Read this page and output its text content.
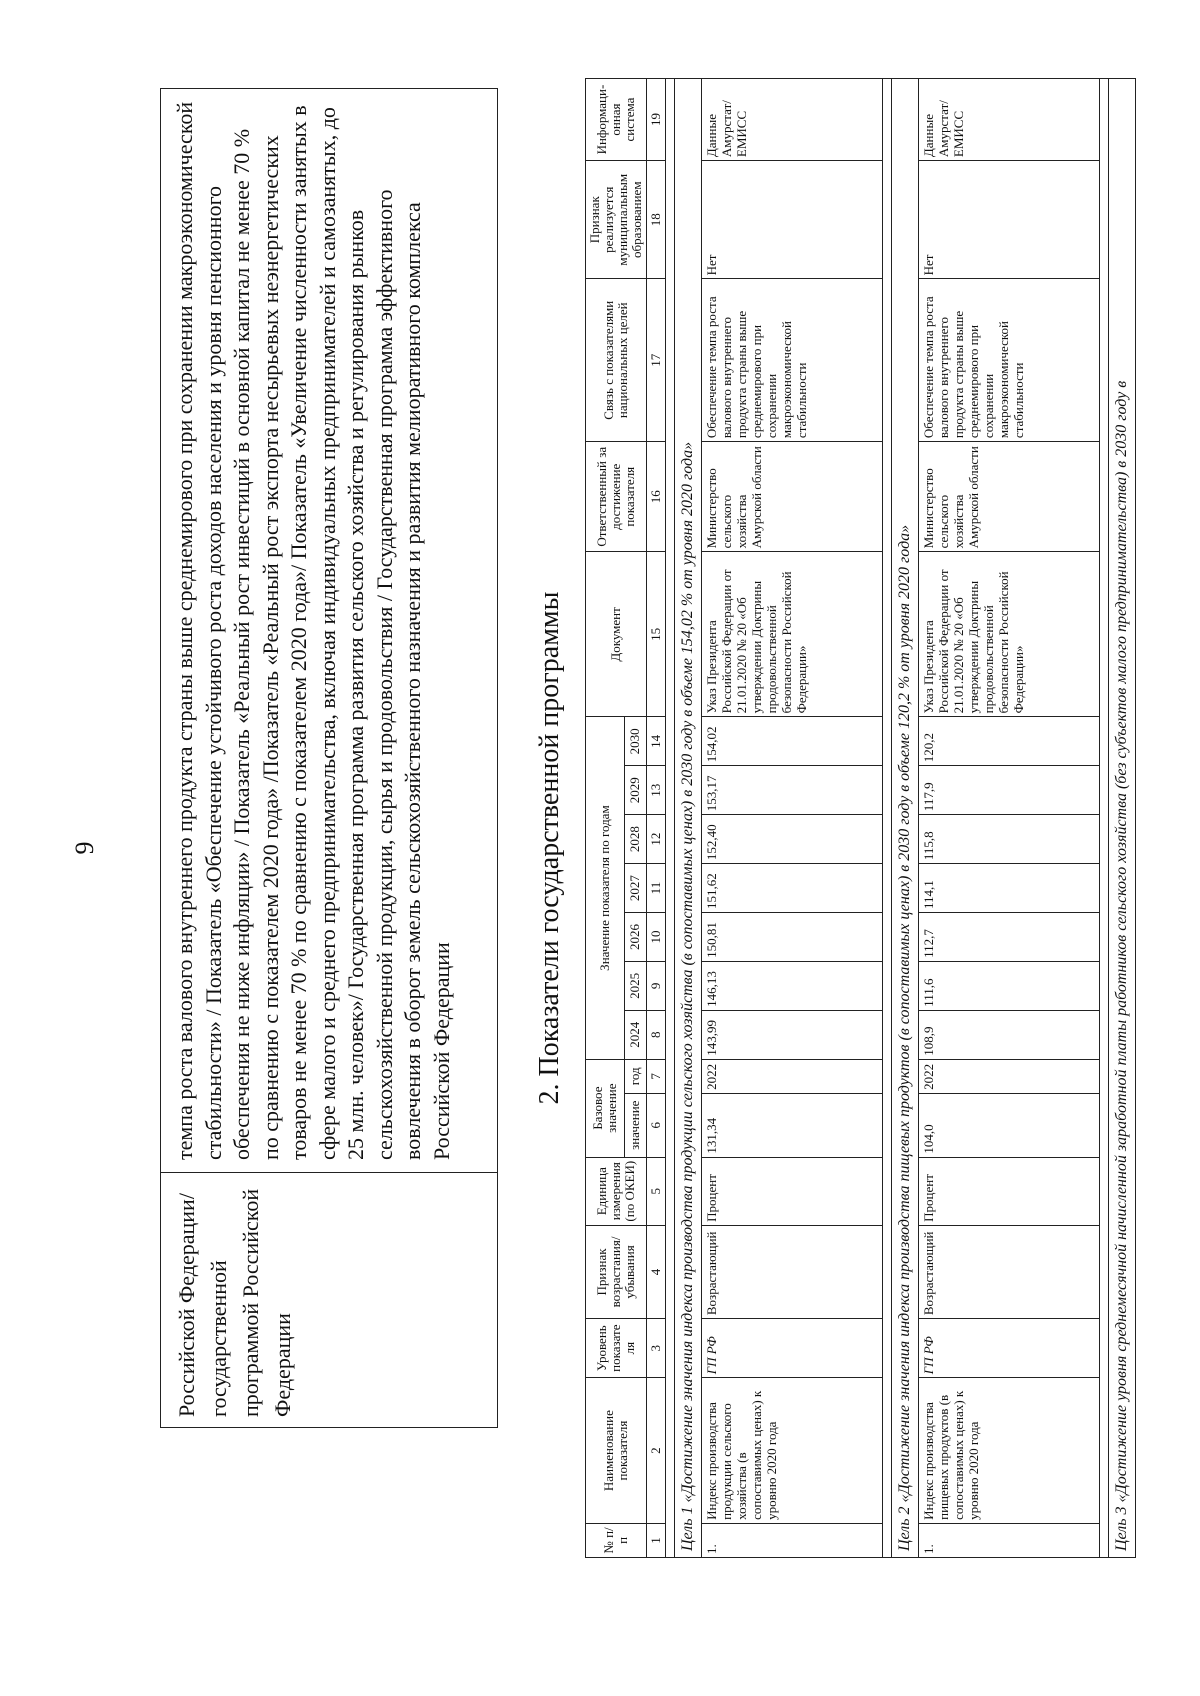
9
Российской Федерации/ государственной программой Российской Федерации
темпа роста валового внутреннего продукта страны выше среднемирового при сохранении макроэкономической стабильности» / Показатель «Обеспечение устойчивого роста доходов населения и уровня пенсионного обеспечения не ниже инфляции» / Показатель «Реальный рост инвестиций в основной капитал не менее 70 % по сравнению с показателем 2020 года» /Показатель «Реальный рост экспорта несырьевых неэнергетических товаров не менее 70 % по сравнению с показателем 2020 года»/ Показатель «Увеличение численности занятых в сфере малого и среднего предпринимательства, включая индивидуальных предпринимателей и самозанятых, до 25 млн. человек»/ Государственная программа развития сельского хозяйства и регулирования рынков сельскохозяйственной продукции, сырья и продовольствия / Государственная программа эффективного вовлечения в оборот земель сельскохозяйственного назначения и развития мелиоративного комплекса Российской Федерации	2. Показатели государственной программы
№ п/п	Наименование показателя	Уровень показателя	Признак возрастания/ убывания	Единица измерения (по ОКЕИ)	Базовое значение		Значение показателя по годам							Документ	Ответственный за достижение показателя	Связь с показателями национальных целей	Признак реализуется муниципальным образованием	Информаци-онная система
					значение	год	2024	2025	2026	2027	2028	2029	2030					
1	2	3	4	5	6	7	8	9	10	11	12	13	14	15	16	17	18	19

Цель 1 «Достижение значения индекса производства продукции сельского хозяйства (в сопоставимых ценах) в 2030 году в объеме 154,02 % от уровня 2020 года»																		
1.	Индекс производства продукции сельского хозяйства (в сопоставимых ценах) к уровню 2020 года	ГП РФ	Возрастающий	Процент	131,34	2022	143,99	146,13	150,81	151,62	152,40	153,17	154,02	Указ Президента Российской Федерации от 21.01.2020 № 20 «Об утверждении Доктрины продовольственной безопасности Российской Федерации»	Министерство сельского хозяйства Амурской области	Обеспечение темпа роста валового внутреннего продукта страны выше среднемирового при сохранении макроэкономической стабильности	Нет	Данные Амурстат/ ЕМИСС

Цель 2 «Достижение значения индекса производства пищевых продуктов (в сопоставимых ценах) в 2030 году в объеме 120,2 % от уровня 2020 года»																		
1.	Индекс производства пищевых продуктов (в сопоставимых ценах) к уровню 2020 года	ГП РФ	Возрастающий	Процент	104,0	2022	108,9	111,6	112,7	114,1	115,8	117,9	120,2	Указ Президента Российской Федерации от 21.01.2020 № 20 «Об утверждении Доктрины продовольственной безопасности Российской Федерации»	Министерство сельского хозяйства Амурской области	Обеспечение темпа роста валового внутреннего продукта страны выше среднемирового при сохранении макроэкономической стабильности	Нет	Данные Амурстат/ ЕМИСС

Цель 3 «Достижение уровня среднемесячной начисленной заработной платы работников сельского хозяйства (без субъектов малого предпринимательства) в 2030 году в																		
